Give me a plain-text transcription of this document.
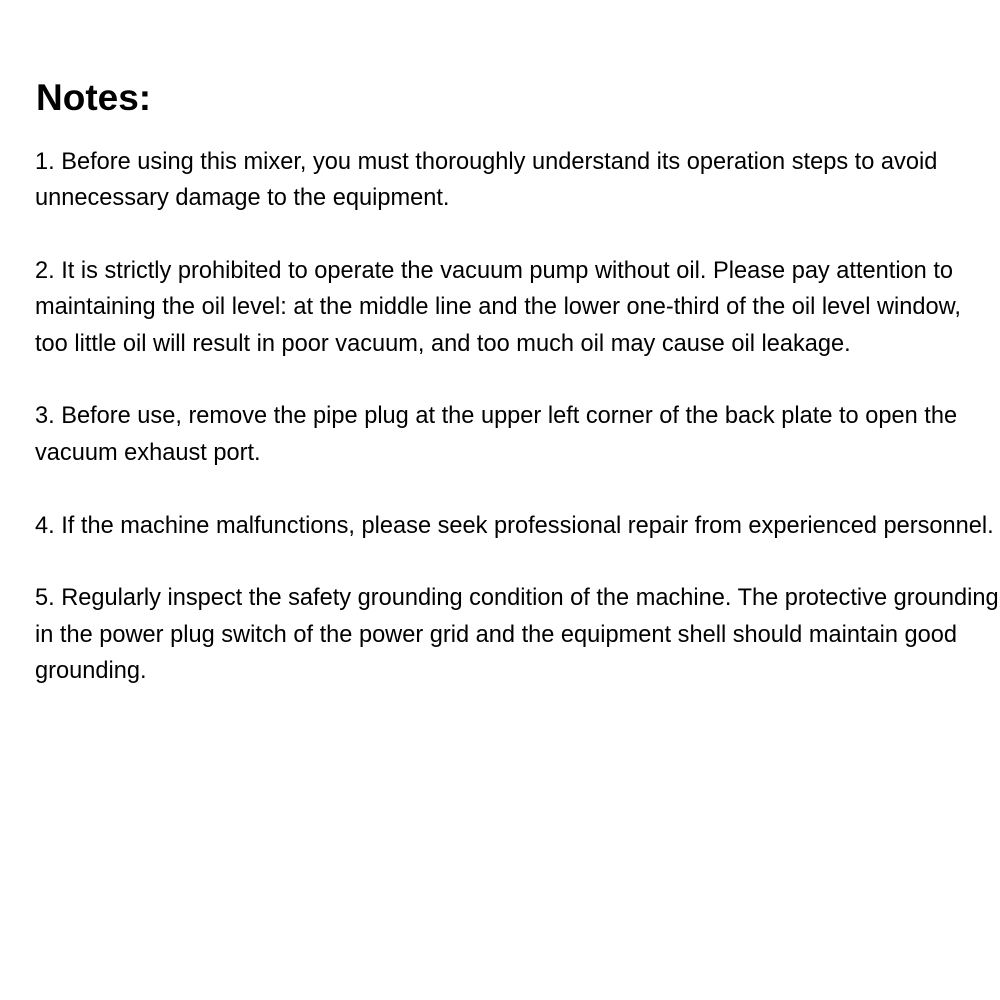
Notes:
1. Before using this mixer, you must thoroughly understand its operation steps to avoid unnecessary damage to the equipment.
2. It is strictly prohibited to operate the vacuum pump without oil. Please pay attention to maintaining the oil level: at the middle line and the lower one-third of the oil level window, too little oil will result in poor vacuum, and too much oil may cause oil leakage.
3. Before use, remove the pipe plug at the upper left corner of the back plate to open the vacuum exhaust port.
4. If the machine malfunctions, please seek professional repair from experienced personnel.
5. Regularly inspect the safety grounding condition of the machine. The protective grounding in the power plug switch of the power grid and the equipment shell should maintain good grounding.
